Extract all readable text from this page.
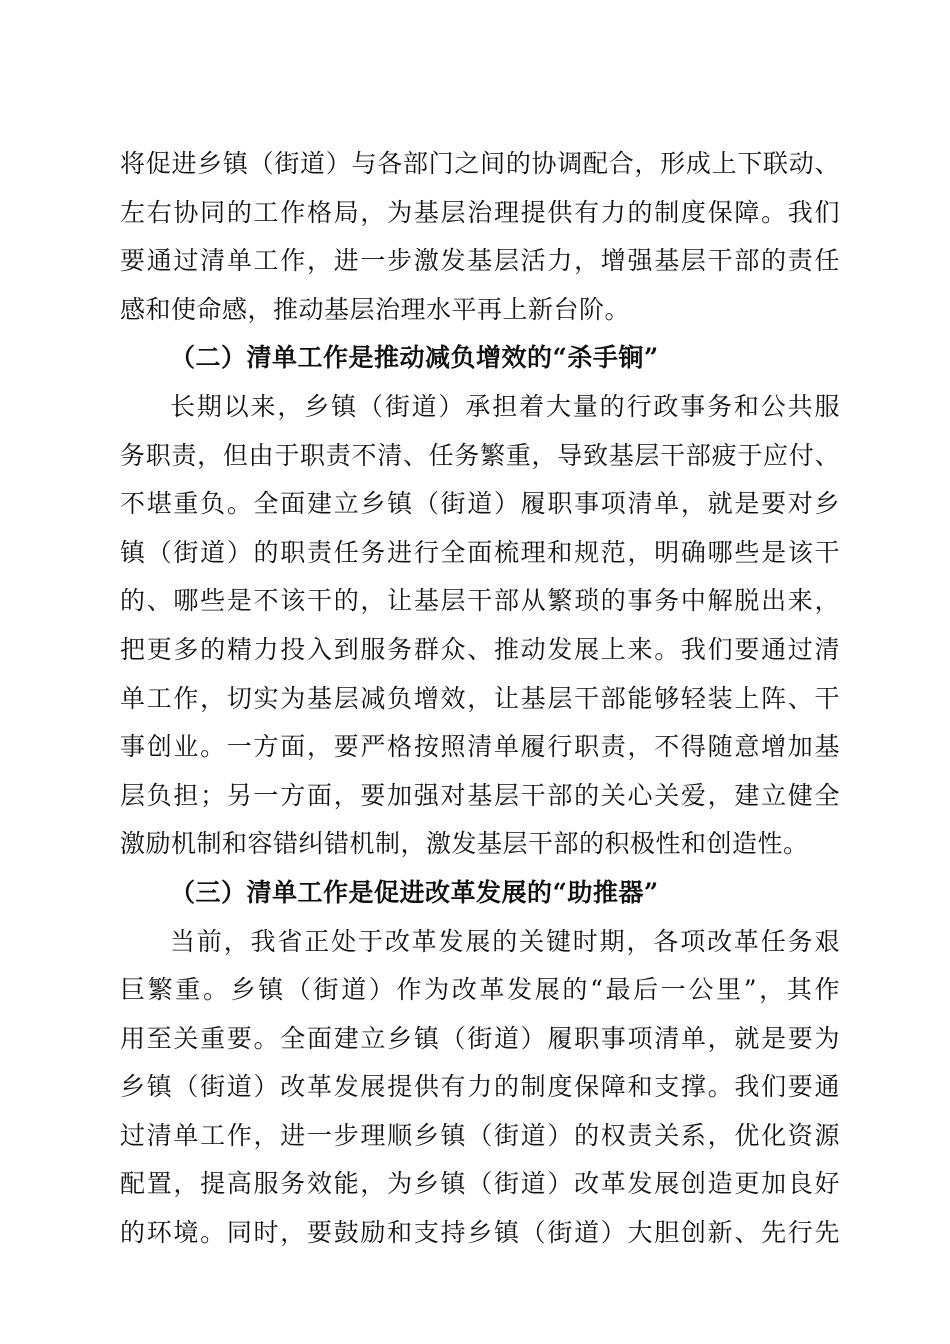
将促进乡镇（街道）与各部门之间的协调配合，形成上下联动、
左右协同的工作格局，为基层治理提供有力的制度保障。我们
要通过清单工作，进一步激发基层活力，增强基层干部的责任
感和使命感，推动基层治理水平再上新台阶。
（二）清单工作是推动减负增效的“杀手锏”
长期以来，乡镇（街道）承担着大量的行政事务和公共服
务职责，但由于职责不清、任务繁重，导致基层干部疲于应付、
不堪重负。全面建立乡镇（街道）履职事项清单，就是要对乡
镇（街道）的职责任务进行全面梳理和规范，明确哪些是该干
的、哪些是不该干的，让基层干部从繁琐的事务中解脱出来，
把更多的精力投入到服务群众、推动发展上来。我们要通过清
单工作，切实为基层减负增效，让基层干部能够轻装上阵、干
事创业。一方面，要严格按照清单履行职责，不得随意增加基
层负担；另一方面，要加强对基层干部的关心关爱，建立健全
激励机制和容错纠错机制，激发基层干部的积极性和创造性。
（三）清单工作是促进改革发展的“助推器”
当前，我省正处于改革发展的关键时期，各项改革任务艰
巨繁重。乡镇（街道）作为改革发展的“最后一公里”，其作
用至关重要。全面建立乡镇（街道）履职事项清单，就是要为
乡镇（街道）改革发展提供有力的制度保障和支撑。我们要通
过清单工作，进一步理顺乡镇（街道）的权责关系，优化资源
配置，提高服务效能，为乡镇（街道）改革发展创造更加良好
的环境。同时，要鼓励和支持乡镇（街道）大胆创新、先行先
